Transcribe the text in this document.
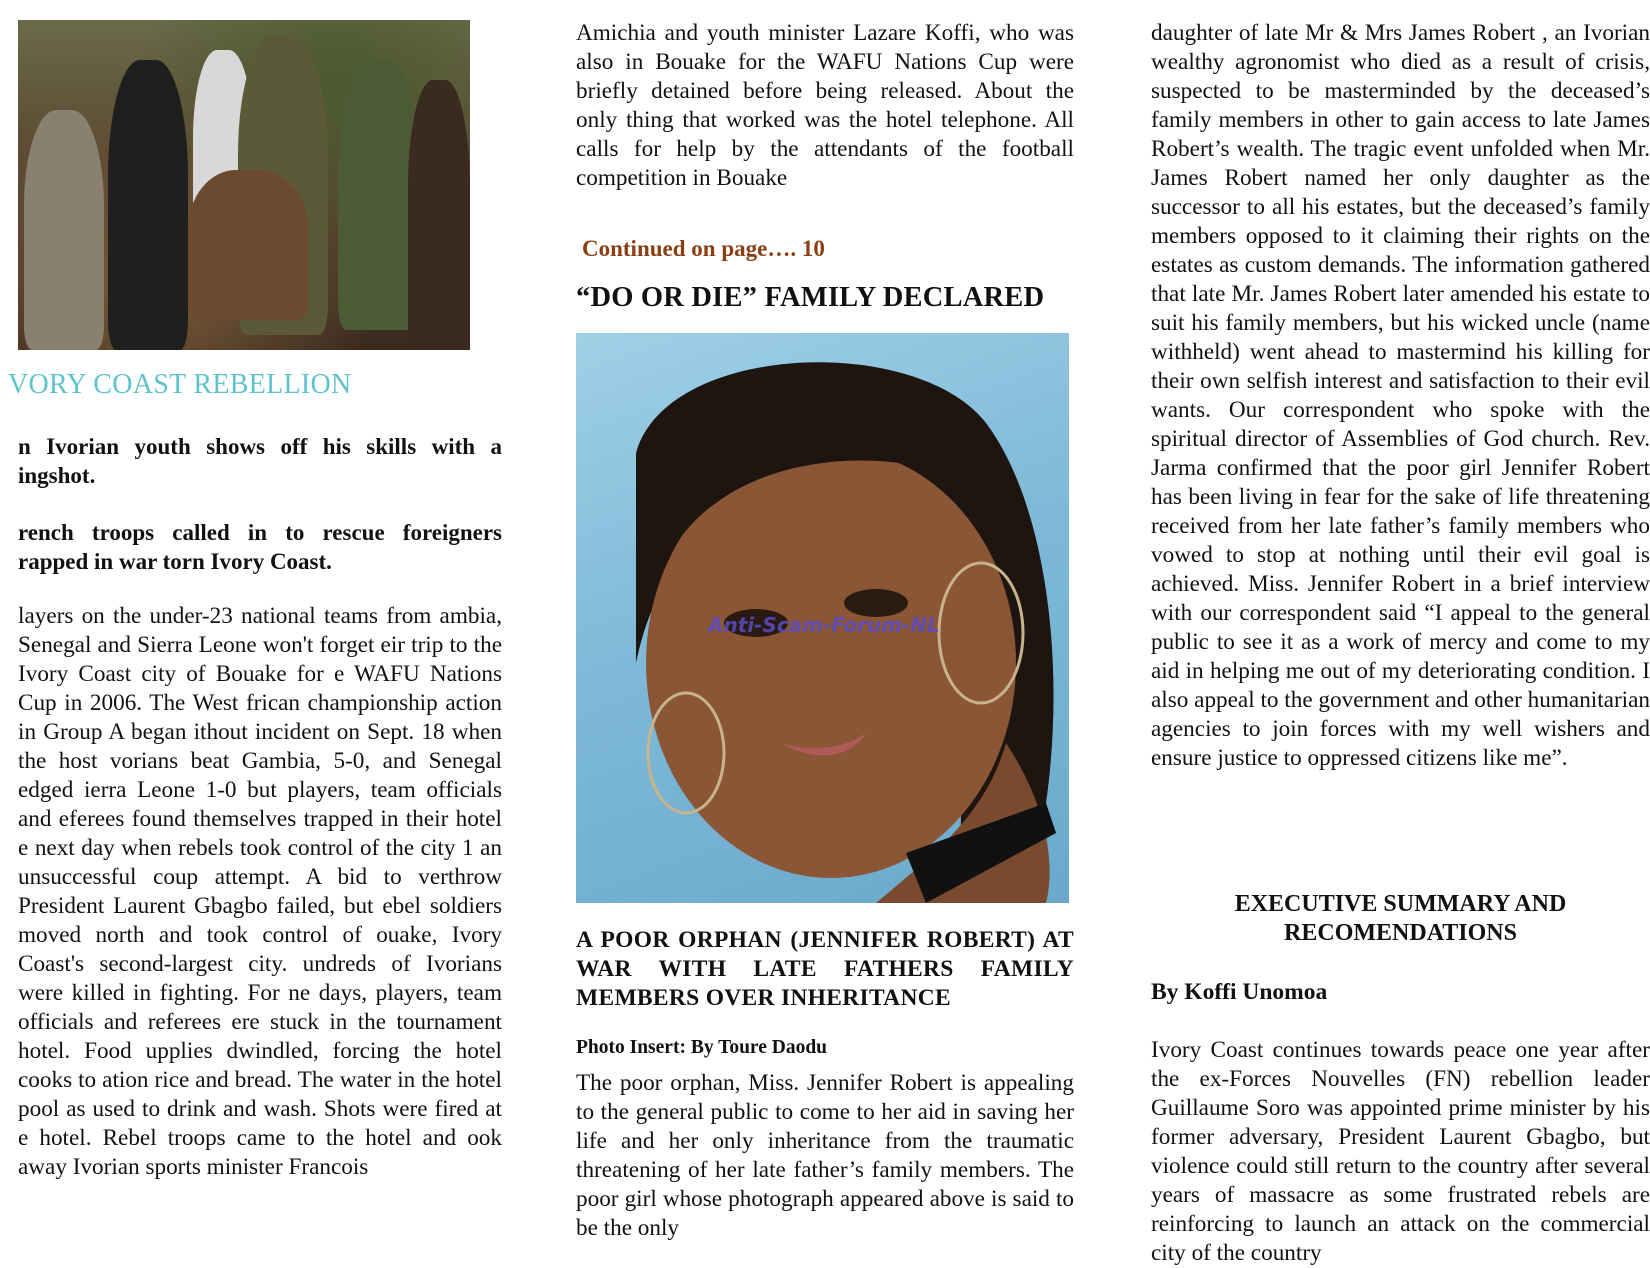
VORY COAST REBELLION

n Ivorian youth shows off his skills with a ingshot.

rench troops called in to rescue foreigners rapped in war torn Ivory Coast.

layers on the under-23 national teams from ambia, Senegal and Sierra Leone won't forget eir trip to the Ivory Coast city of Bouake for e WAFU Nations Cup in 2006. The West frican championship action in Group A began ithout incident on Sept. 18 when the host vorians beat Gambia, 5-0, and Senegal edged ierra Leone 1-0 but players, team officials and eferees found themselves trapped in their hotel e next day when rebels took control of the city 1 an unsuccessful coup attempt. A bid to verthrow President Laurent Gbagbo failed, but ebel soldiers moved north and took control of ouake, Ivory Coast's second-largest city. undreds of Ivorians were killed in fighting. For ne days, players, team officials and referees ere stuck in the tournament hotel. Food upplies dwindled, forcing the hotel cooks to ation rice and bread. The water in the hotel pool as used to drink and wash. Shots were fired at e hotel. Rebel troops came to the hotel and ook away Ivorian sports minister Francois

Amichia and youth minister Lazare Koffi, who was also in Bouake for the WAFU Nations Cup were briefly detained before being released. About the only thing that worked was the hotel telephone. All calls for help by the attendants of the football competition in Bouake

Continued on page…. 10
“DO OR DIE” FAMILY DECLARED
Anti-Scam-Forum-NL
A POOR ORPHAN (JENNIFER ROBERT) AT WAR WITH LATE FATHERS FAMILY MEMBERS OVER INHERITANCE
Photo Insert: By Toure Daodu

The poor orphan, Miss. Jennifer Robert is appealing to the general public to come to her aid in saving her life and her only inheritance from the traumatic threatening of her late father’s family members. The poor girl whose photograph appeared above is said to be the only

daughter of late Mr & Mrs James Robert , an Ivorian wealthy agronomist who died as a result of crisis, suspected to be masterminded by the deceased’s family members in other to gain access to late James Robert’s wealth. The tragic event unfolded when Mr. James Robert named her only daughter as the successor to all his estates, but the deceased’s family members opposed to it claiming their rights on the estates as custom demands. The information gathered that late Mr. James Robert later amended his estate to suit his family members, but his wicked uncle (name withheld) went ahead to mastermind his killing for their own selfish interest and satisfaction to their evil wants. Our correspondent who spoke with the spiritual director of Assemblies of God church. Rev. Jarma confirmed that the poor girl Jennifer Robert has been living in fear for the sake of life threatening received from her late father’s family members who vowed to stop at nothing until their evil goal is achieved. Miss. Jennifer Robert in a brief interview with our correspondent said “I appeal to the general public to see it as a work of mercy and come to my aid in helping me out of my deteriorating condition. I also appeal to the government and other humanitarian agencies to join forces with my well wishers and ensure justice to oppressed citizens like me”.

EXECUTIVE SUMMARY AND RECOMENDATIONS
By Koffi Unomoa

Ivory Coast continues towards peace one year after the ex-Forces Nouvelles (FN) rebellion leader Guillaume Soro was appointed prime minister by his former adversary, President Laurent Gbagbo, but violence could still return to the country after several years of massacre as some frustrated rebels are reinforcing to launch an attack on the commercial city of the country
